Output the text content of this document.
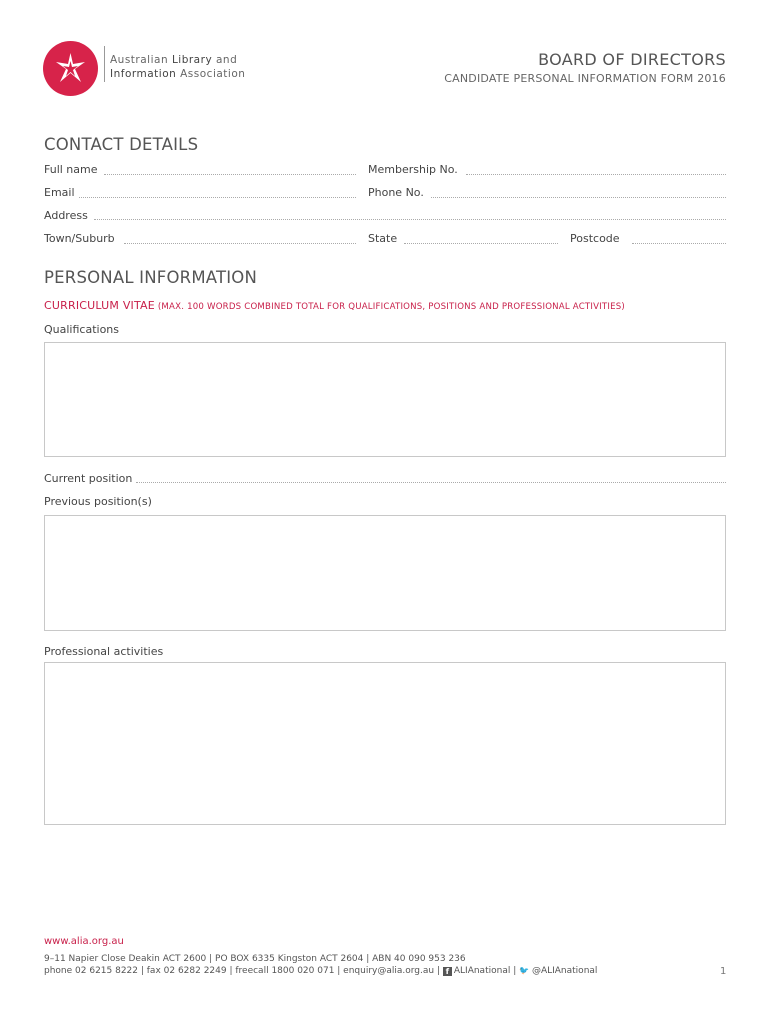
Australian Library and
Information Association
BOARD OF DIRECTORS
CANDIDATE PERSONAL INFORMATION FORM 2016
CONTACT DETAILS
Full name	Membership No.
Email	Phone No.
Address
Town/Suburb	State	Postcode
PERSONAL INFORMATION
CURRICULUM VITAE (MAX. 100 WORDS COMBINED TOTAL FOR QUALIFICATIONS, POSITIONS AND PROFESSIONAL ACTIVITIES)
Qualifications
Current position
Previous position(s)
Professional activities
www.alia.org.au
9–11 Napier Close Deakin ACT 2600 | PO BOX 6335 Kingston ACT 2604 | ABN 40 090 953 236
phone 02 6215 8222 | fax 02 6282 2249 | freecall 1800 020 071 | enquiry@alia.org.au | f ALIAnational | 🐦 @ALIAnational	1
